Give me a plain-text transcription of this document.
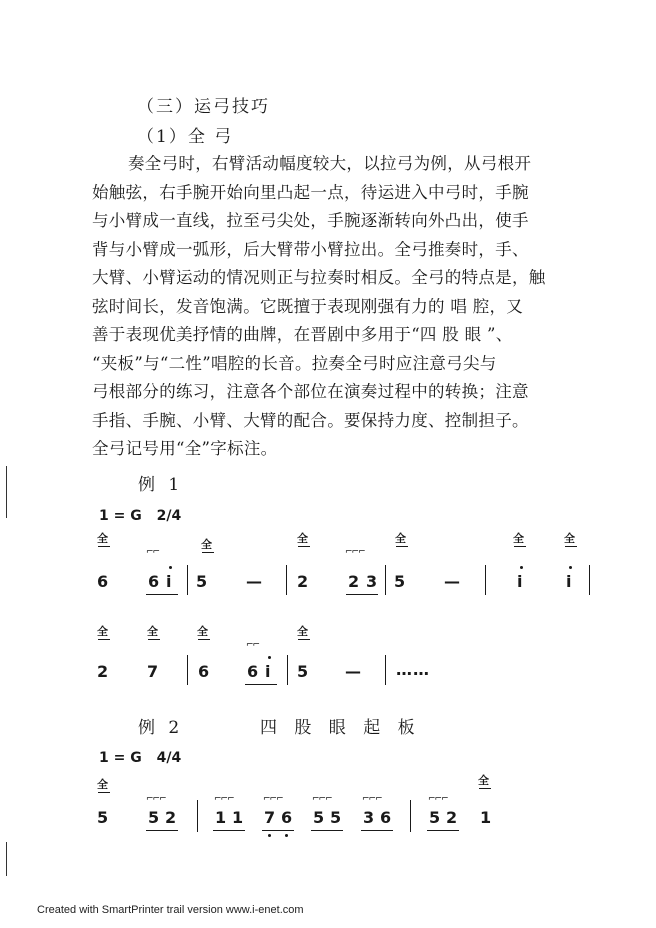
（三）运弓技巧
（1）全 弓
奏全弓时，右臂活动幅度较大，以拉弓为例，从弓根开
始触弦，右手腕开始向里凸起一点，待运进入中弓时，手腕
与小臂成一直线，拉至弓尖处，手腕逐渐转向外凸出，使手
背与小臂成一弧形，后大臂带小臂拉出。全弓推奏时，手、
大臂、小臂运动的情况则正与拉奏时相反。全弓的特点是，触
弦时间长，发音饱满。它既擅于表现刚强有力的 唱 腔，又
善于表现优美抒情的曲牌，在晋剧中多用于“四 股 眼 ”、
“夹板”与“二性”唱腔的长音。拉奏全弓时应注意弓尖与
弓根部分的练习，注意各个部位在演奏过程中的转换；注意
手指、手腕、小臂、大臂的配合。要保持力度、控制担子。
全弓记号用“全”字标注。
例 1
1 = G 2/4
全	全	全	全	全	全
⌐⌐	⌐⌐⌐
6 6 i 5 — 2 2 3 5 —	i	i
全	全	全	全
⌐⌐
2 7 6 6 i 5 — ……
例 2	四 股 眼 起 板
1 = G 4/4
全	全
⌐⌐⌐	⌐⌐⌐	⌐⌐⌐	⌐⌐⌐	⌐⌐⌐	⌐⌐⌐
5 5 2 1 1 7 6 5 5 3 6 5 2 1
Created with SmartPrinter trail version www.i-enet.com
